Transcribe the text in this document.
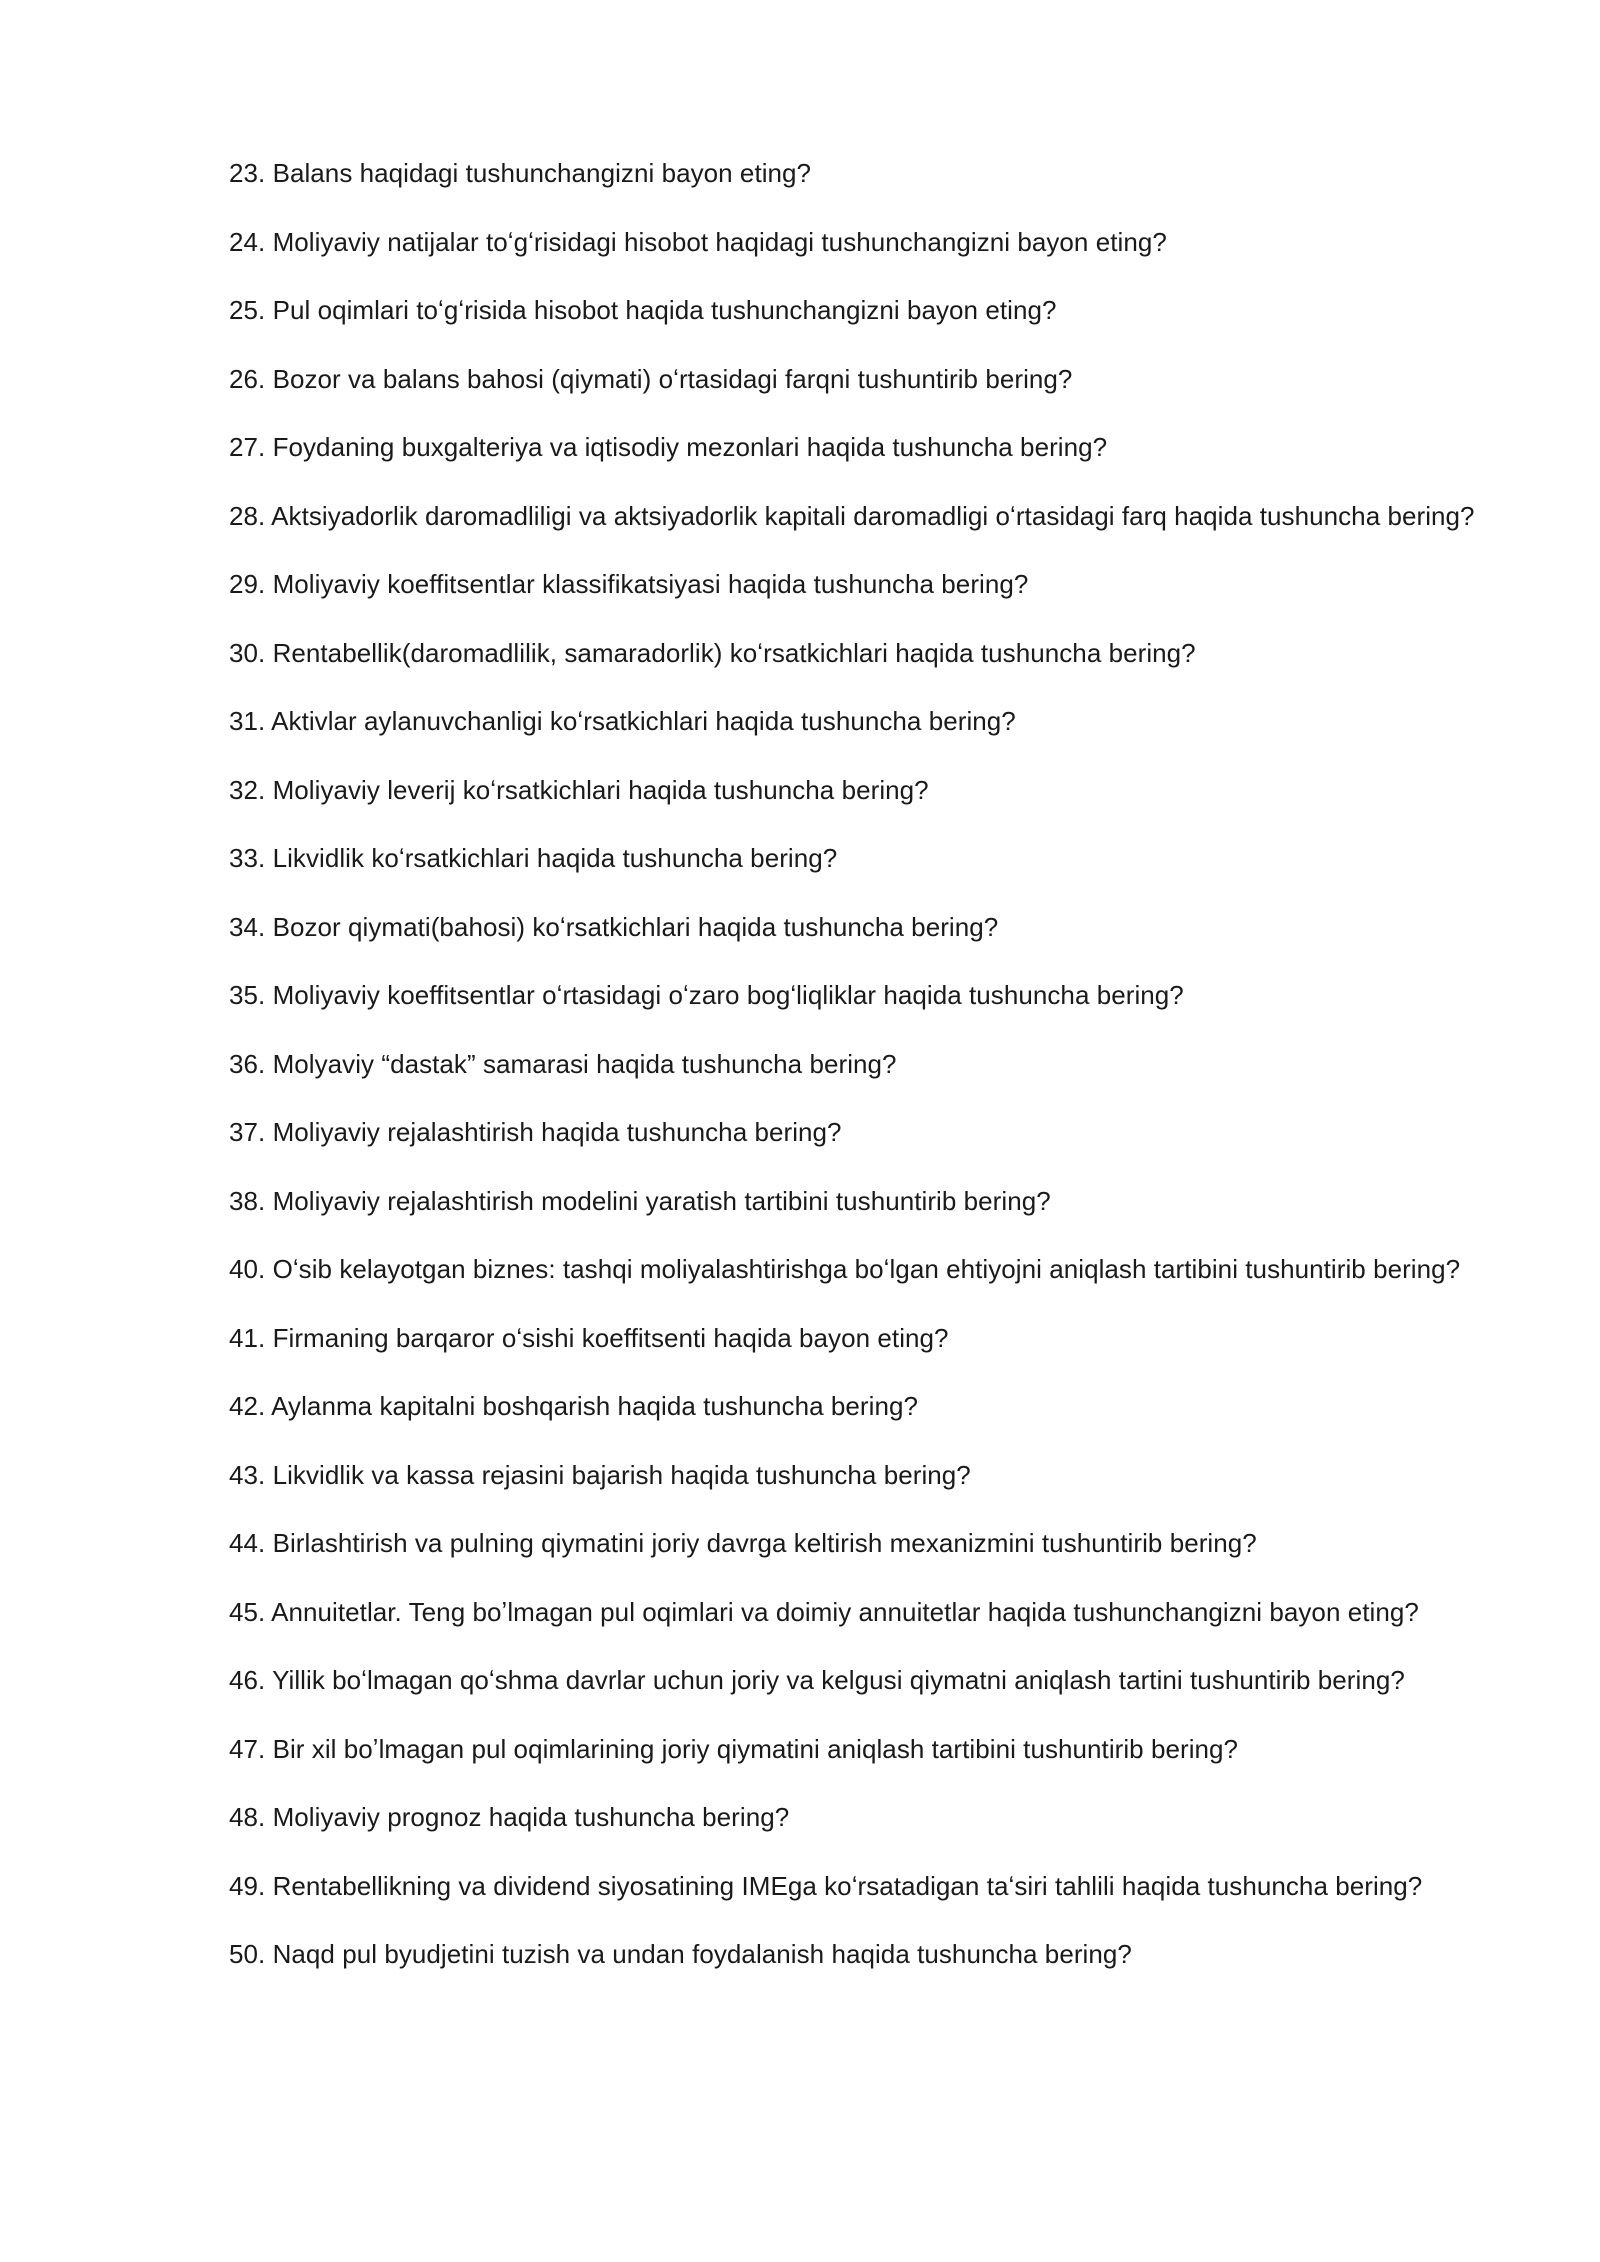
23. Balans haqidagi tushunchangizni bayon eting?

24. Moliyaviy natijalar toʻgʻrisidagi hisobot haqidagi tushunchangizni bayon eting?

25. Pul oqimlari toʻgʻrisida hisobot haqida tushunchangizni bayon eting?

26. Bozor va balans bahosi (qiymati) oʻrtasidagi farqni tushuntirib bering?

27. Foydaning buxgalteriya va iqtisodiy mezonlari haqida tushuncha bering?

28. Aktsiyadorlik daromadliligi va aktsiyadorlik kapitali daromadligi oʻrtasidagi farq haqida tushuncha bering?

29. Moliyaviy koeffitsentlar klassifikatsiyasi haqida tushuncha bering?

30. Rentabellik(daromadlilik, samaradorlik) koʻrsatkichlari haqida tushuncha bering?

31. Aktivlar aylanuvchanligi koʻrsatkichlari haqida tushuncha bering?

32. Moliyaviy leverij koʻrsatkichlari haqida tushuncha bering?

33. Likvidlik koʻrsatkichlari haqida tushuncha bering?

34. Bozor qiymati(bahosi) koʻrsatkichlari haqida tushuncha bering?

35. Moliyaviy koeffitsentlar oʻrtasidagi oʻzaro bogʻliqliklar haqida tushuncha bering?

36. Molyaviy “dastak” samarasi haqida tushuncha bering?

37. Moliyaviy rejalashtirish haqida tushuncha bering?

38. Moliyaviy rejalashtirish modelini yaratish tartibini tushuntirib bering?

40. Oʻsib kelayotgan biznes: tashqi moliyalashtirishga boʻlgan ehtiyojni aniqlash tartibini tushuntirib bering?

41. Firmaning barqaror oʻsishi koeffitsenti haqida bayon eting?

42. Aylanma kapitalni boshqarish haqida tushuncha bering?

43. Likvidlik va kassa rejasini bajarish haqida tushuncha bering?

44. Birlashtirish va pulning qiymatini joriy davrga keltirish mexanizmini tushuntirib bering?

45. Annuitetlar. Teng boʼlmagan pul oqimlari va doimiy annuitetlar haqida tushunchangizni bayon eting?

46. Yillik boʻlmagan qoʻshma davrlar uchun joriy va kelgusi qiymatni aniqlash tartini tushuntirib bering?

47. Bir xil boʼlmagan pul oqimlarining joriy qiymatini aniqlash tartibini tushuntirib bering?

48. Moliyaviy prognoz haqida tushuncha bering?

49. Rentabellikning va dividend siyosatining IMEga koʻrsatadigan taʻsiri tahlili haqida tushuncha bering?

50. Naqd pul byudjetini tuzish va undan foydalanish haqida tushuncha bering?
